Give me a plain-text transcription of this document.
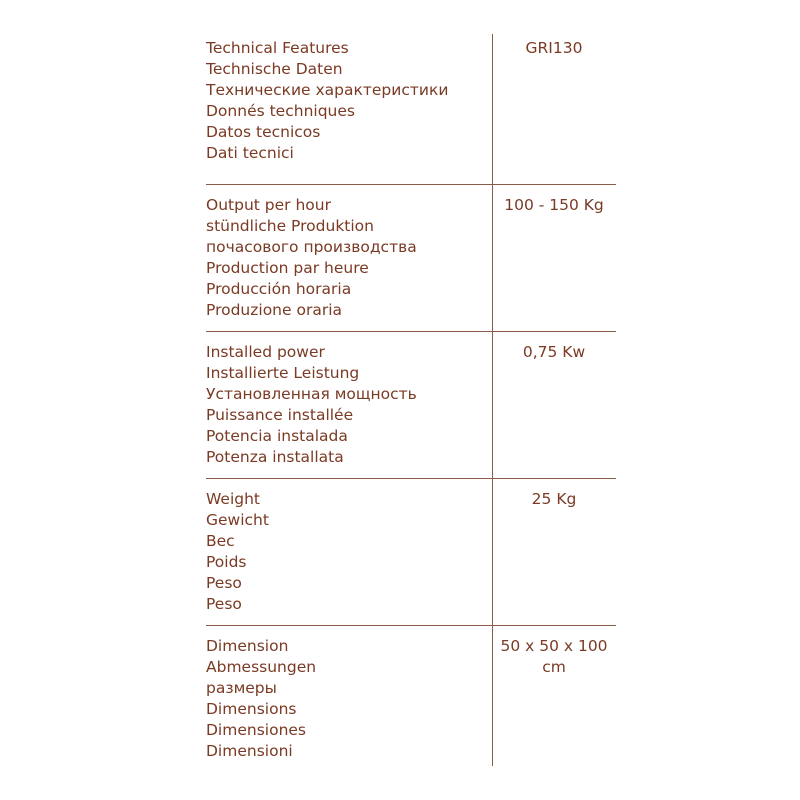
Technical Features
Technische Daten
Технические характеристики
Donnés techniques
Datos tecnicos
Dati tecnici
GRI130
Output per hour
stündliche Produktion
почасового производства
Production par heure
Producción horaria
Produzione oraria
100 - 150 Kg
Installed power
Installierte Leistung
Установленная мощность
Puissance installée
Potencia instalada
Potenza installata
0,75 Kw
Weight
Gewicht
Вес
Poids
Peso
Peso
25 Kg
Dimension
Abmessungen
размеры
Dimensions
Dimensiones
Dimensioni
50 x 50 x 100
cm
